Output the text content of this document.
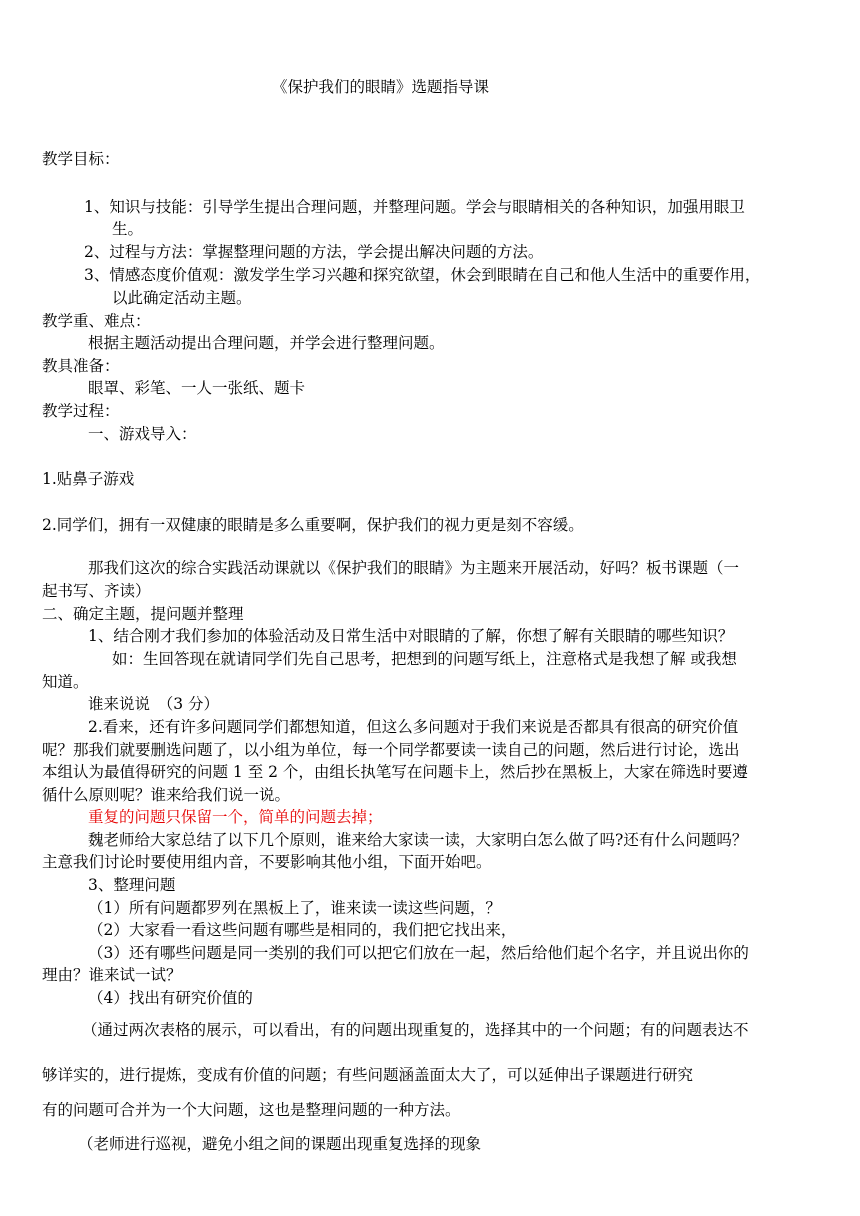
《保护我们的眼睛》选题指导课
教学目标：
1、知识与技能：引导学生提出合理问题，并整理问题。学会与眼睛相关的各种知识，加强用眼卫
生。
2、过程与方法：掌握整理问题的方法，学会提出解决问题的方法。
3、情感态度价值观：激发学生学习兴趣和探究欲望，休会到眼睛在自己和他人生活中的重要作用，
以此确定活动主题。
教学重、难点：
根据主题活动提出合理问题，并学会进行整理问题。
教具准备：
眼罩、彩笔、一人一张纸、题卡
教学过程：
一、游戏导入：
1.贴鼻子游戏
2.同学们，拥有一双健康的眼睛是多么重要啊，保护我们的视力更是刻不容缓。
那我们这次的综合实践活动课就以《保护我们的眼睛》为主题来开展活动，好吗？板书课题（一
起书写、齐读）
二、确定主题，提问题并整理
1、结合刚才我们参加的体验活动及日常生活中对眼睛的了解，你想了解有关眼睛的哪些知识？
如：生回答现在就请同学们先自己思考，把想到的问题写纸上，注意格式是我想了解 或我想
知道。
谁来说说　（3 分）
2.看来，还有许多问题同学们都想知道，但这么多问题对于我们来说是否都具有很高的研究价值
呢？那我们就要删选问题了，以小组为单位，每一个同学都要读一读自己的问题，然后进行讨论，选出
本组认为最值得研究的问题 1 至 2 个，由组长执笔写在问题卡上，然后抄在黑板上，大家在筛选时要遵
循什么原则呢？谁来给我们说一说。
重复的问题只保留一个，简单的问题去掉；
魏老师给大家总结了以下几个原则，谁来给大家读一读，大家明白怎么做了吗?还有什么问题吗？
主意我们讨论时要使用组内音，不要影响其他小组，下面开始吧。
3、整理问题
（1）所有问题都罗列在黑板上了，谁来读一读这些问题，？
（2）大家看一看这些问题有哪些是相同的，我们把它找出来，
（3）还有哪些问题是同一类别的我们可以把它们放在一起，然后给他们起个名字，并且说出你的
理由？谁来试一试？
（4）找出有研究价值的
（通过两次表格的展示，可以看出，有的问题出现重复的，选择其中的一个问题；有的问题表达不
够详实的，进行提炼，变成有价值的问题；有些问题涵盖面太大了，可以延伸出子课题进行研究
有的问题可合并为一个大问题，这也是整理问题的一种方法。
（老师进行巡视，避免小组之间的课题出现重复选择的现象
